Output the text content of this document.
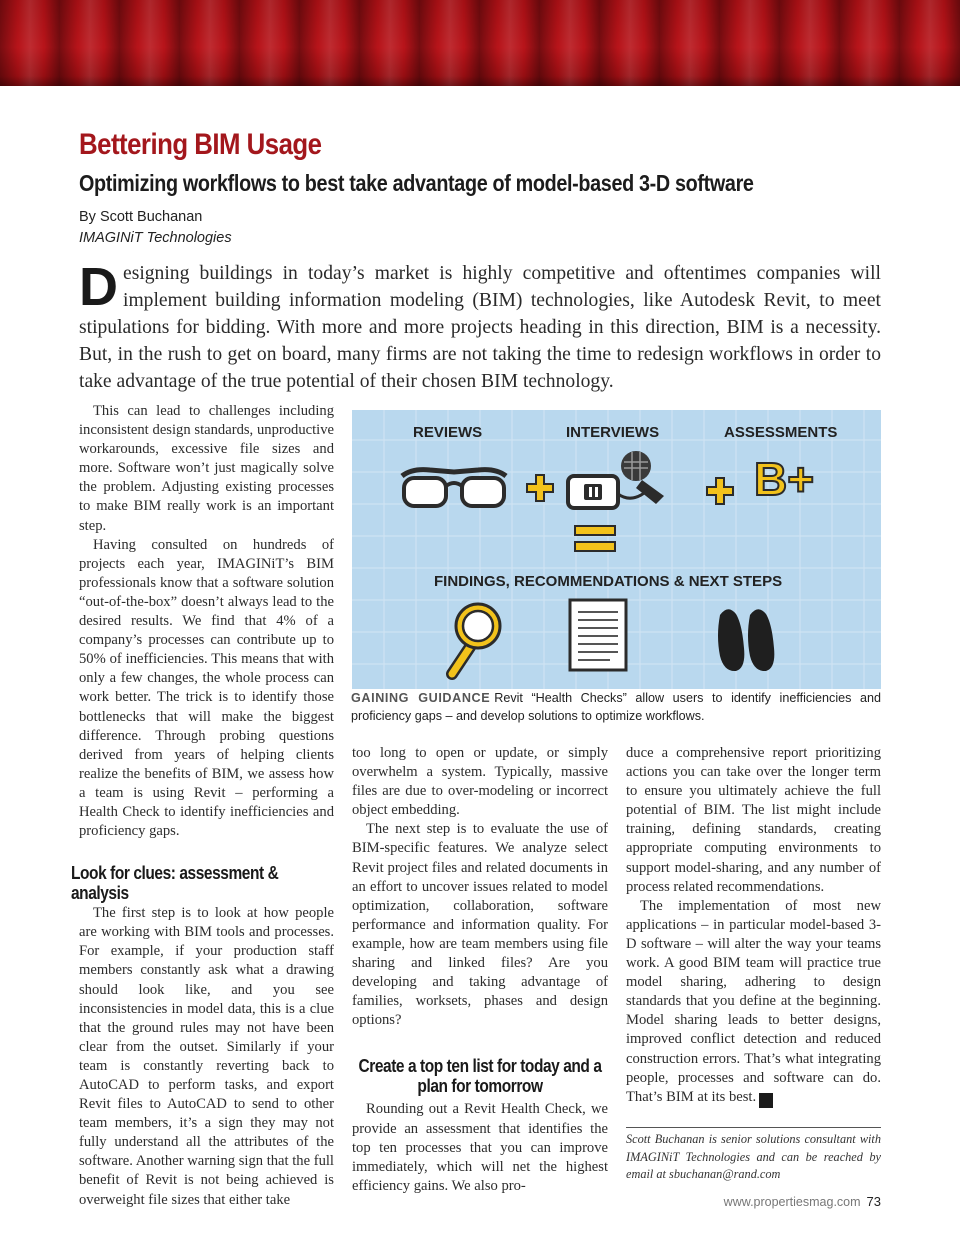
Bettering BIM Usage
Optimizing workflows to best take advantage of model-based 3-D software
By Scott Buchanan
IMAGINiT Technologies

Designing buildings in today’s market is highly competitive and oftentimes companies will implement building information modeling (BIM) technologies, like Autodesk Revit, to meet stipulations for bidding. With more and more projects heading in this direction, BIM is a necessity. But, in the rush to get on board, many firms are not taking the time to redesign workflows in order to take advantage of the true potential of their chosen BIM technology.

This can lead to challenges including inconsistent design standards, unproductive workarounds, excessive file sizes and more. Software won’t just magically solve the problem. Adjusting existing processes to make BIM really work is an important step.

Having consulted on hundreds of projects each year, IMAGINiT’s BIM professionals know that a software solution “out-of-the-box” doesn’t always lead to the desired results. We find that 4% of a company’s processes can contribute up to 50% of inefficiencies. This means that with only a few changes, the whole process can work better. The trick is to identify those bottlenecks that will make the biggest difference. Through probing questions derived from years of helping clients realize the benefits of BIM, we assess how a team is using Revit – performing a Health Check to identify inefficiencies and proficiency gaps.

Look for clues: assessment & analysis

The first step is to look at how people are working with BIM tools and processes. For example, if your production staff members constantly ask what a drawing should look like, and you see inconsistencies in model data, this is a clue that the ground rules may not have been clear from the outset. Similarly if your team is constantly reverting back to AutoCAD to perform tasks, and export Revit files to AutoCAD to send to other team members, it’s a sign they may not fully understand all the attributes of the software. Another warning sign that the full benefit of Revit is not being achieved is overweight file sizes that either take

REVIEWS	INTERVIEWS	ASSESSMENTS
B+
FINDINGS, RECOMMENDATIONS & NEXT STEPS
GAINING GUIDANCE Revit “Health Checks” allow users to identify inefficiencies and proficiency gaps – and develop solutions to optimize workflows.

too long to open or update, or simply overwhelm a system. Typically, massive files are due to over-modeling or incorrect object embedding.

The next step is to evaluate the use of BIM-specific features. We analyze select Revit project files and related documents in an effort to uncover issues related to model optimization, collaboration, software performance and information quality. For example, how are team members using file sharing and linked files? Are you developing and taking advantage of families, worksets, phases and design options?

Create a top ten list for today and a plan for tomorrow

Rounding out a Revit Health Check, we provide an assessment that identifies the top ten processes that you can improve immediately, which will net the highest efficiency gains. We also pro-

duce a comprehensive report prioritizing actions you can take over the longer term to ensure you ultimately achieve the full potential of BIM. The list might include training, defining standards, creating appropriate computing environments to support model-sharing, and any number of process related recommendations.

The implementation of most new applications – in particular model-based 3-D software – will alter the way your teams work. A good BIM team will practice true model sharing, adhering to design standards that you define at the beginning. Model sharing leads to better designs, improved conflict detection and reduced construction errors. That’s what integrating people, processes and software can do. That’s BIM at its best. P

Scott Buchanan is senior solutions consultant with IMAGINiT Technologies and can be reached by email at sbuchanan@rand.com
www.propertiesmag.com 73
